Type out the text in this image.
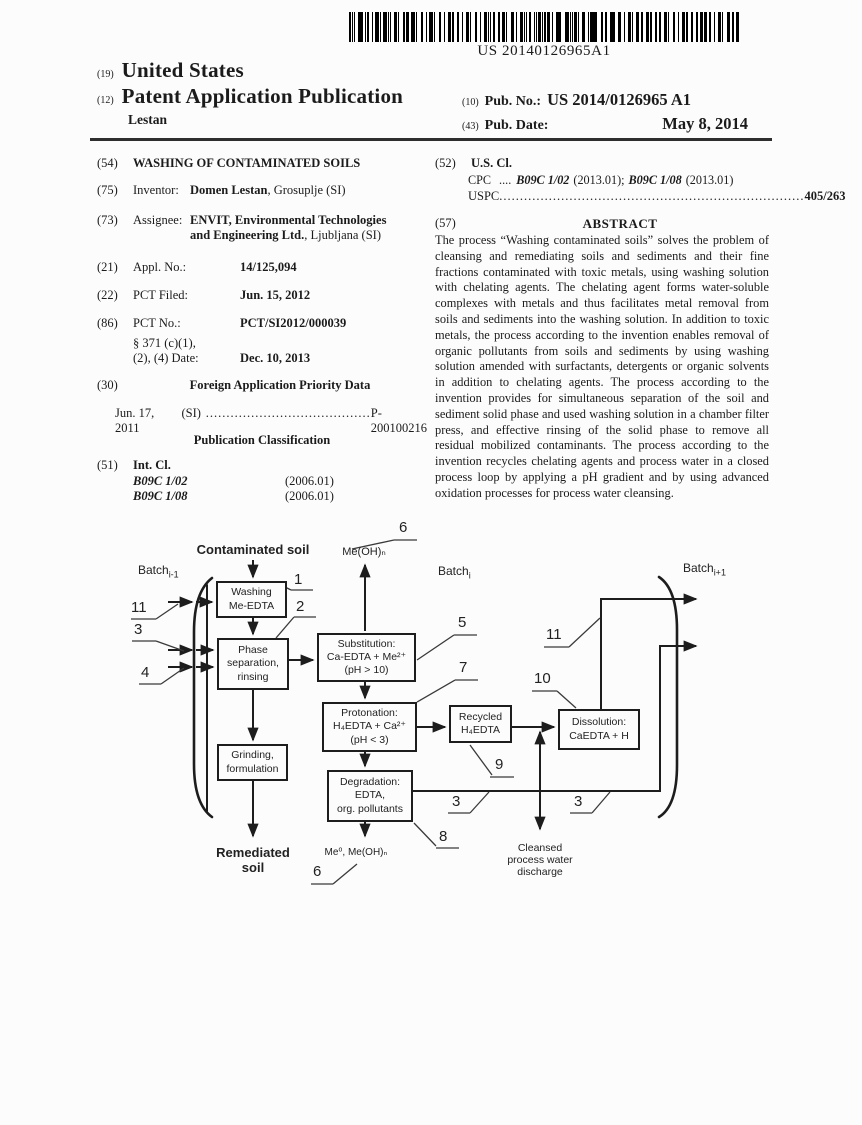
US 20140126965A1
(19) United States
(12) Patent Application Publication
Lestan
(10) Pub. No.: US 2014/0126965 A1
(43) Pub. Date:	May 8, 2014
(54)	WASHING OF CONTAMINATED SOILS
(75)	Inventor: Domen Lestan, Grosuplje (SI)
(73)	Assignee: ENVIT, Environmental Technologies
and Engineering Ltd., Ljubljana (SI)
(21)	Appl. No.:	14/125,094
(22)	PCT Filed:	Jun. 15, 2012
(86)	PCT No.:	PCT/SI2012/000039
§ 371 (c)(1),
(2), (4) Date:	Dec. 10, 2013
(30)	Foreign Application Priority Data
Jun. 17, 2011
(SI) ........................................ P-200100216
Publication Classification
(51)	Int. Cl.
B09C 1/02	(2006.01)
B09C 1/08	(2006.01)
(52)	U.S. Cl.
CPC .... B09C 1/02 (2013.01); B09C 1/08 (2013.01)
USPC .......................................................................... 405/263
(57)	ABSTRACT
The process “Washing contaminated soils” solves the problem of cleansing and remediating soils and sediments and their fine fractions contaminated with toxic metals, using washing solution with chelating agents. The chelating agent forms water-soluble complexes with metals and thus facilitates metal removal from soils and sediments into the washing solution. In addition to toxic metals, the process according to the invention enables removal of organic pollutants from soils and sediments by using washing solution amended with surfactants, detergents or organic solvents in addition to chelating agents. The process according to the invention provides for simultaneous separation of the soil and sediment solid phase and used washing solution in a chamber filter press, and effective rinsing of the solid phase to remove all residual mobilized contaminants. The process according to the invention recycles chelating agents and process water in a closed process loop by applying a pH gradient and by using advanced oxidation processes for process water cleansing.
Washing
Me-EDTA
Phase
separation,
rinsing
Substitution:
Ca-EDTA + Me²⁺
(pH > 10)
Protonation:
H₄EDTA + Ca²⁺
(pH < 3)
Recycled
H₄EDTA
Dissolution:
CaEDTA + H
Grinding,
formulation
Degradation:
EDTA,
org. pollutants
Contaminated soil	Me(OH)ₙ
Remediated
soil
Me⁰, Me(OH)ₙ	Cleansed
process water
discharge
Batch$_{i-1}$	Batch$_i$
Batch$_{i+1}$
1
2
11
3
4
6
5
7
11
10
9
3	3
8
6
